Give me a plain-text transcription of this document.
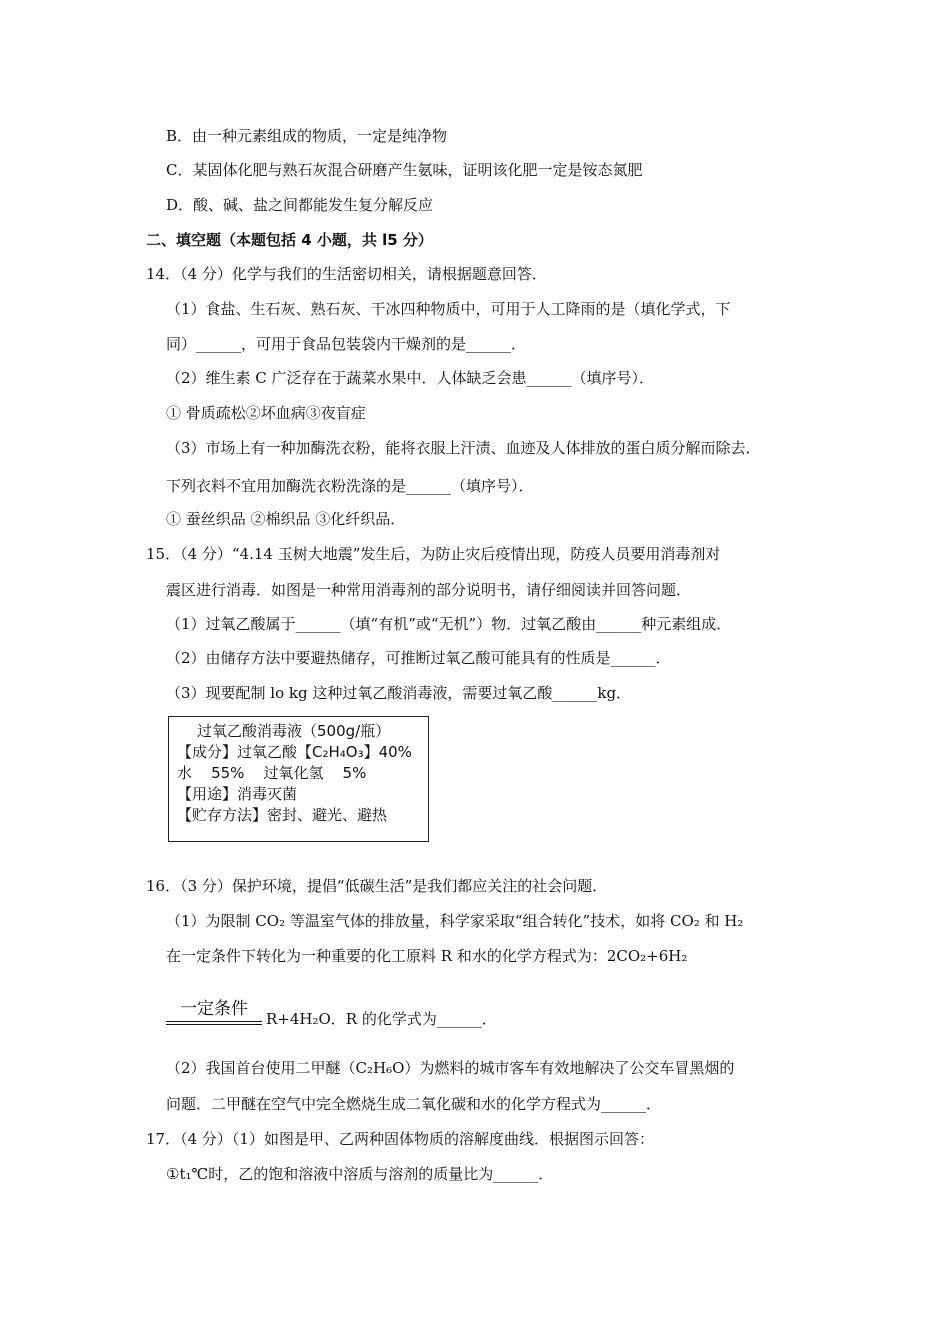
B．由一种元素组成的物质，一定是纯净物
C．某固体化肥与熟石灰混合研磨产生氨味，证明该化肥一定是铵态氮肥
D．酸、碱、盐之间都能发生复分解反应
二、填空题（本题包括 4 小题，共 l5 分）
14．（4 分）化学与我们的生活密切相关，请根据题意回答．
（1）食盐、生石灰、熟石灰、干冰四种物质中，可用于人工降雨的是（填化学式，下
同）______，可用于食品包装袋内干燥剂的是______．
（2）维生素 C 广泛存在于蔬菜水果中．人体缺乏会患______（填序号）．
① 骨质疏松②坏血病③夜盲症
（3）市场上有一种加酶洗衣粉，能将衣服上汗渍、血迹及人体排放的蛋白质分解而除去．
下列衣料不宜用加酶洗衣粉洗涤的是______（填序号）．
① 蚕丝织品 ②棉织品 ③化纤织品．
15．（4 分）“4.14 玉树大地震”发生后，为防止灾后疫情出现，防疫人员要用消毒剂对
震区进行消毒．如图是一种常用消毒剂的部分说明书，请仔细阅读并回答问题．
（1）过氧乙酸属于______（填“有机”或“无机”）物．过氧乙酸由______种元素组成．
（2）由储存方法中要避热储存，可推断过氧乙酸可能具有的性质是______．
（3）现要配制 lo kg 这种过氧乙酸消毒液，需要过氧乙酸______kg．
过氧乙酸消毒液（500g/瓶）
【成分】过氧乙酸【C₂H₄O₃】40%
水    55%    过氧化氢    5%
【用途】消毒灭菌
【贮存方法】密封、避光、避热
16．（3 分）保护环境，提倡“低碳生活”是我们都应关注的社会问题．
（1）为限制 CO₂ 等温室气体的排放量，科学家采取“组合转化”技术，如将 CO₂ 和 H₂
在一定条件下转化为一种重要的化工原料 R 和水的化学方程式为：2CO₂+6H₂
一定条件	R+4H₂O．R 的化学式为______．
（2）我国首台使用二甲醚（C₂H₆O）为燃料的城市客车有效地解决了公交车冒黑烟的
问题．二甲醚在空气中完全燃烧生成二氧化碳和水的化学方程式为______．
17．（4 分）（1）如图是甲、乙两种固体物质的溶解度曲线．根据图示回答：
①t₁℃时，乙的饱和溶液中溶质与溶剂的质量比为______．
